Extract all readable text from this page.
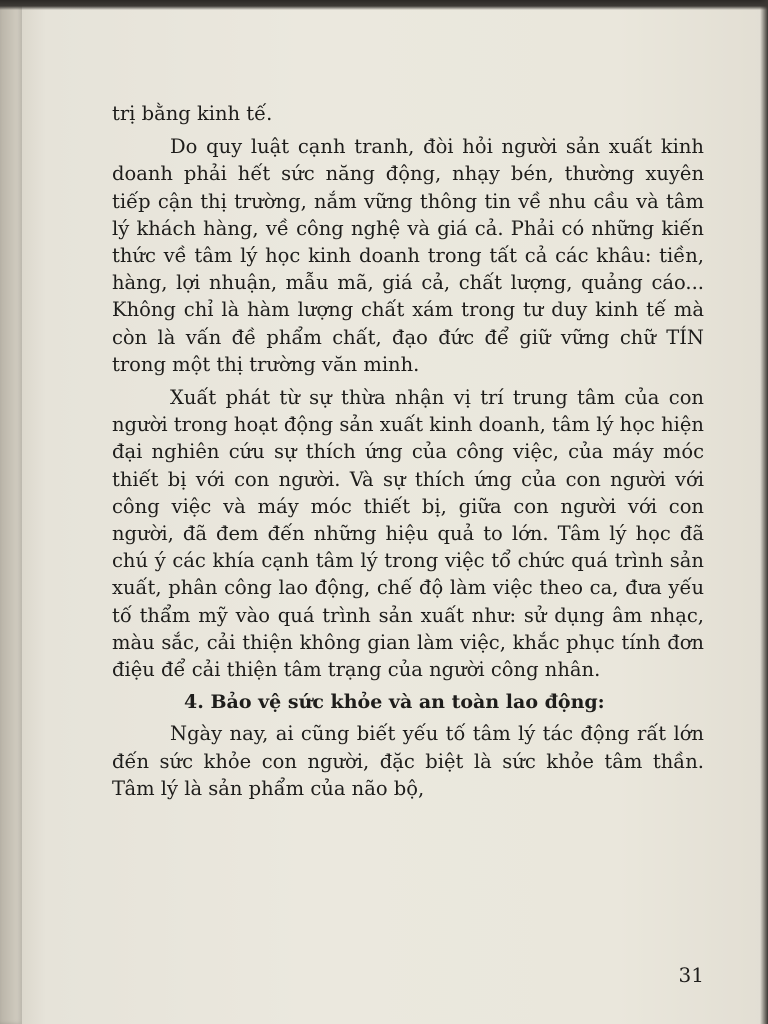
trị bằng kinh tế.

Do quy luật cạnh tranh, đòi hỏi người sản xuất kinh doanh phải hết sức năng động, nhạy bén, thường xuyên tiếp cận thị trường, nắm vững thông tin về nhu cầu và tâm lý khách hàng, về công nghệ và giá cả. Phải có những kiến thức về tâm lý học kinh doanh trong tất cả các khâu: tiền, hàng, lợi nhuận, mẫu mã, giá cả, chất lượng, quảng cáo... Không chỉ là hàm lượng chất xám trong tư duy kinh tế mà còn là vấn đề phẩm chất, đạo đức để giữ vững chữ TÍN trong một thị trường văn minh.

Xuất phát từ sự thừa nhận vị trí trung tâm của con người trong hoạt động sản xuất kinh doanh, tâm lý học hiện đại nghiên cứu sự thích ứng của công việc, của máy móc thiết bị với con người. Và sự thích ứng của con người với công việc và máy móc thiết bị, giữa con người với con người, đã đem đến những hiệu quả to lớn. Tâm lý học đã chú ý các khía cạnh tâm lý trong việc tổ chức quá trình sản xuất, phân công lao động, chế độ làm việc theo ca, đưa yếu tố thẩm mỹ vào quá trình sản xuất như: sử dụng âm nhạc, màu sắc, cải thiện không gian làm việc, khắc phục tính đơn điệu để cải thiện tâm trạng của người công nhân.

4. Bảo vệ sức khỏe và an toàn lao động:

Ngày nay, ai cũng biết yếu tố tâm lý tác động rất lớn đến sức khỏe con người, đặc biệt là sức khỏe tâm thần. Tâm lý là sản phẩm của não bộ,

31
